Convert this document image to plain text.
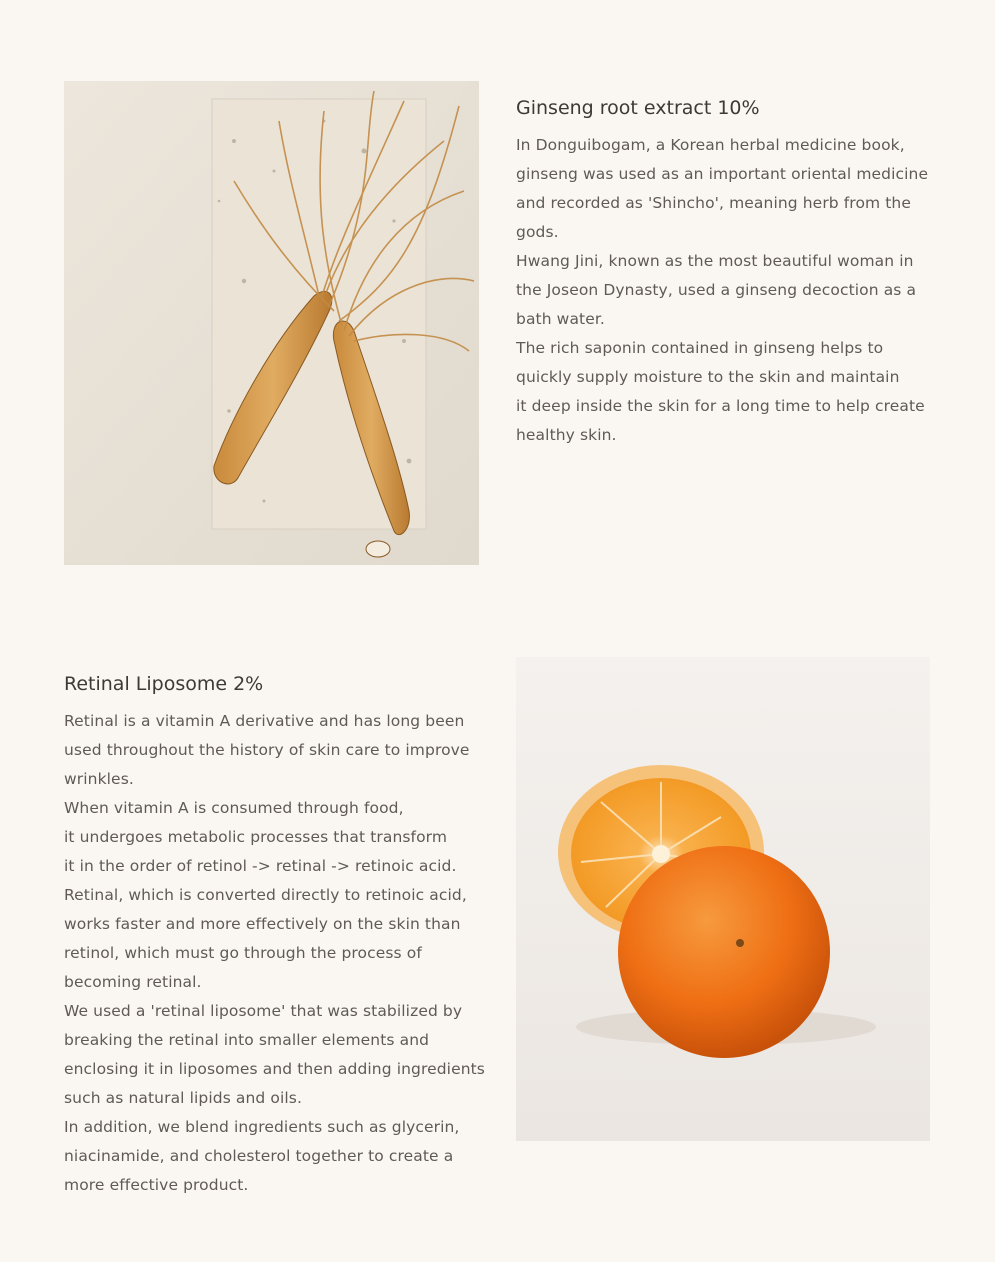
Ginseng root extract 10%

In Donguibogam, a Korean herbal medicine book,

ginseng was used as an important oriental medicine

and recorded as 'Shincho', meaning herb from the

gods.

Hwang Jini, known as the most beautiful woman in

the Joseon Dynasty, used a ginseng decoction as a

bath water.

The rich saponin contained in ginseng helps to

quickly supply moisture to the skin and maintain

it deep inside the skin for a long time to help create

healthy skin.

Retinal Liposome 2%

Retinal is a vitamin A derivative and has long been

used throughout the history of skin care to improve

wrinkles.

When vitamin A is consumed through food,

it undergoes metabolic processes that transform

it in the order of retinol -> retinal -> retinoic acid.

Retinal, which is converted directly to retinoic acid,

works faster and more effectively on the skin than

retinol, which must go through the process of

becoming retinal.

We used a 'retinal liposome' that was stabilized by

breaking the retinal into smaller elements and

enclosing it in liposomes and then adding ingredients

such as natural lipids and oils.

In addition, we blend ingredients such as glycerin,

niacinamide, and cholesterol together to create a

more effective product.
